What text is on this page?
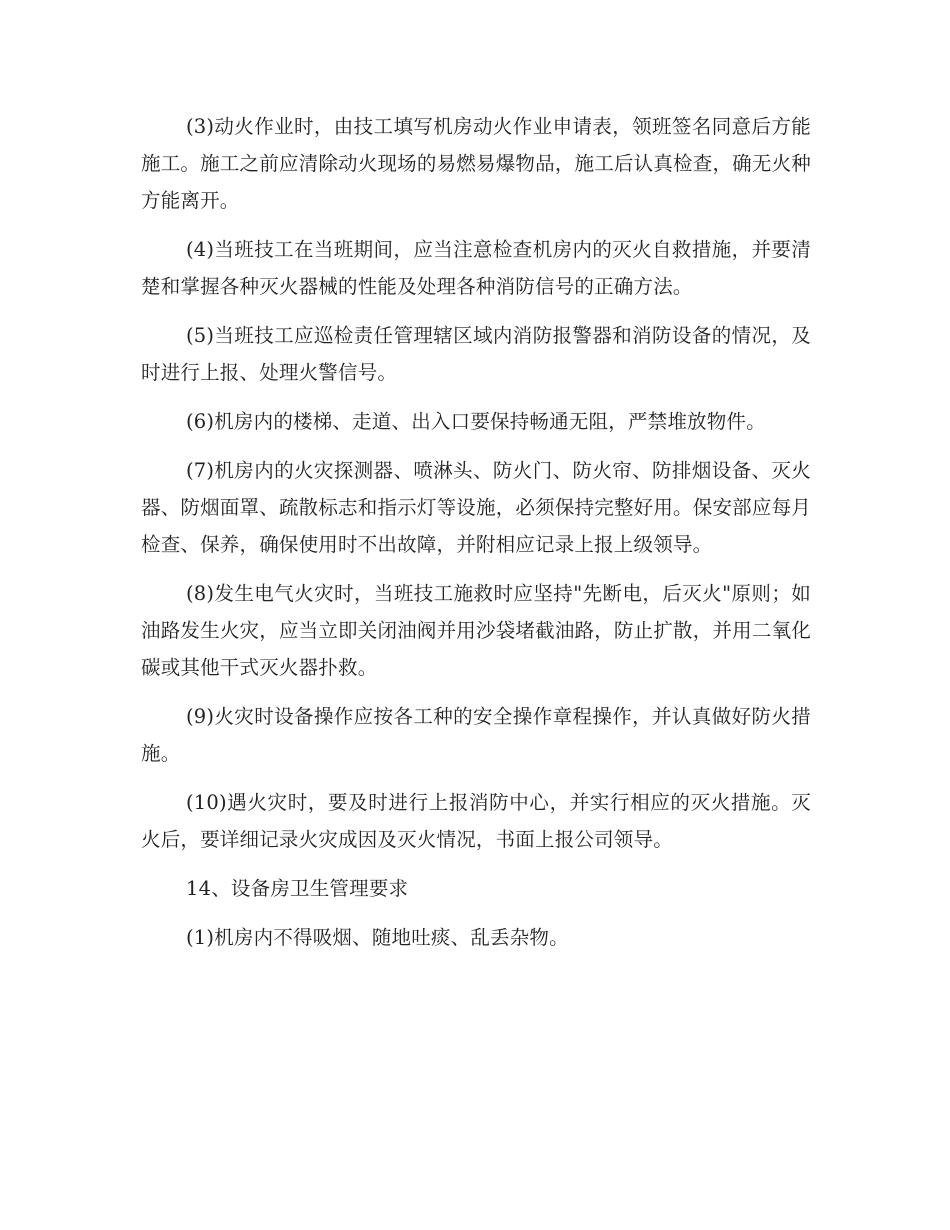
(3)动火作业时，由技工填写机房动火作业申请表，领班签名同意后方能施工。施工之前应清除动火现场的易燃易爆物品，施工后认真检查，确无火种方能离开。

(4)当班技工在当班期间，应当注意检查机房内的灭火自救措施，并要清楚和掌握各种灭火器械的性能及处理各种消防信号的正确方法。

(5)当班技工应巡检责任管理辖区域内消防报警器和消防设备的情况，及时进行上报、处理火警信号。

(6)机房内的楼梯、走道、出入口要保持畅通无阻，严禁堆放物件。

(7)机房内的火灾探测器、喷淋头、防火门、防火帘、防排烟设备、灭火器、防烟面罩、疏散标志和指示灯等设施，必须保持完整好用。保安部应每月检查、保养，确保使用时不出故障，并附相应记录上报上级领导。

(8)发生电气火灾时，当班技工施救时应坚持"先断电，后灭火"原则；如油路发生火灾，应当立即关闭油阀并用沙袋堵截油路，防止扩散，并用二氧化碳或其他干式灭火器扑救。

(9)火灾时设备操作应按各工种的安全操作章程操作，并认真做好防火措施。

(10)遇火灾时，要及时进行上报消防中心，并实行相应的灭火措施。灭火后，要详细记录火灾成因及灭火情况，书面上报公司领导。

14、设备房卫生管理要求

(1)机房内不得吸烟、随地吐痰、乱丢杂物。
